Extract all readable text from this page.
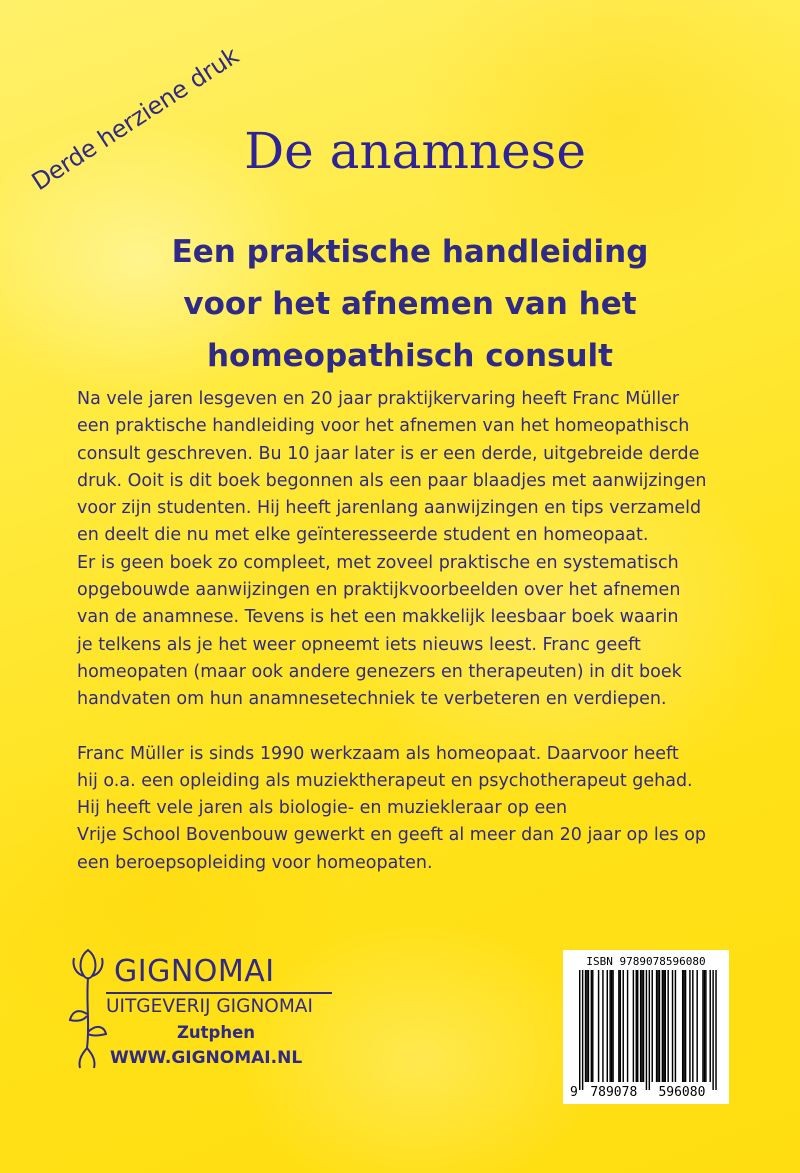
Derde herziene druk De anamnese
Een praktische handleiding
voor het afnemen van het
homeopathisch consult
Na vele jaren lesgeven en 20 jaar praktijkervaring heeft Franc Müller
een praktische handleiding voor het afnemen van het homeopathisch
consult geschreven. Bu 10 jaar later is er een derde, uitgebreide derde
druk. Ooit is dit boek begonnen als een paar blaadjes met aanwijzingen
voor zijn studenten. Hij heeft jarenlang aanwijzingen en tips verzameld
en deelt die nu met elke geïnteresseerde student en homeopaat.
Er is geen boek zo compleet, met zoveel praktische en systematisch
opgebouwde aanwijzingen en praktijkvoorbeelden over het afnemen
van de anamnese. Tevens is het een makkelijk leesbaar boek waarin
je telkens als je het weer opneemt iets nieuws leest. Franc geeft
homeopaten (maar ook andere genezers en therapeuten) in dit boek
handvaten om hun anamnesetechniek te verbeteren en verdiepen.
Franc Müller is sinds 1990 werkzaam als homeopaat. Daarvoor heeft
hij o.a. een opleiding als muziektherapeut en psychotherapeut gehad.
Hij heeft vele jaren als biologie- en muziekleraar op een
Vrije School Bovenbouw gewerkt en geeft al meer dan 20 jaar op les op
een beroepsopleiding voor homeopaten.
GIGNOMAI
UITGEVERIJ GIGNOMAI
Zutphen
WWW.GIGNOMAI.NL
9 789078 596080
ISBN 9789078596080
